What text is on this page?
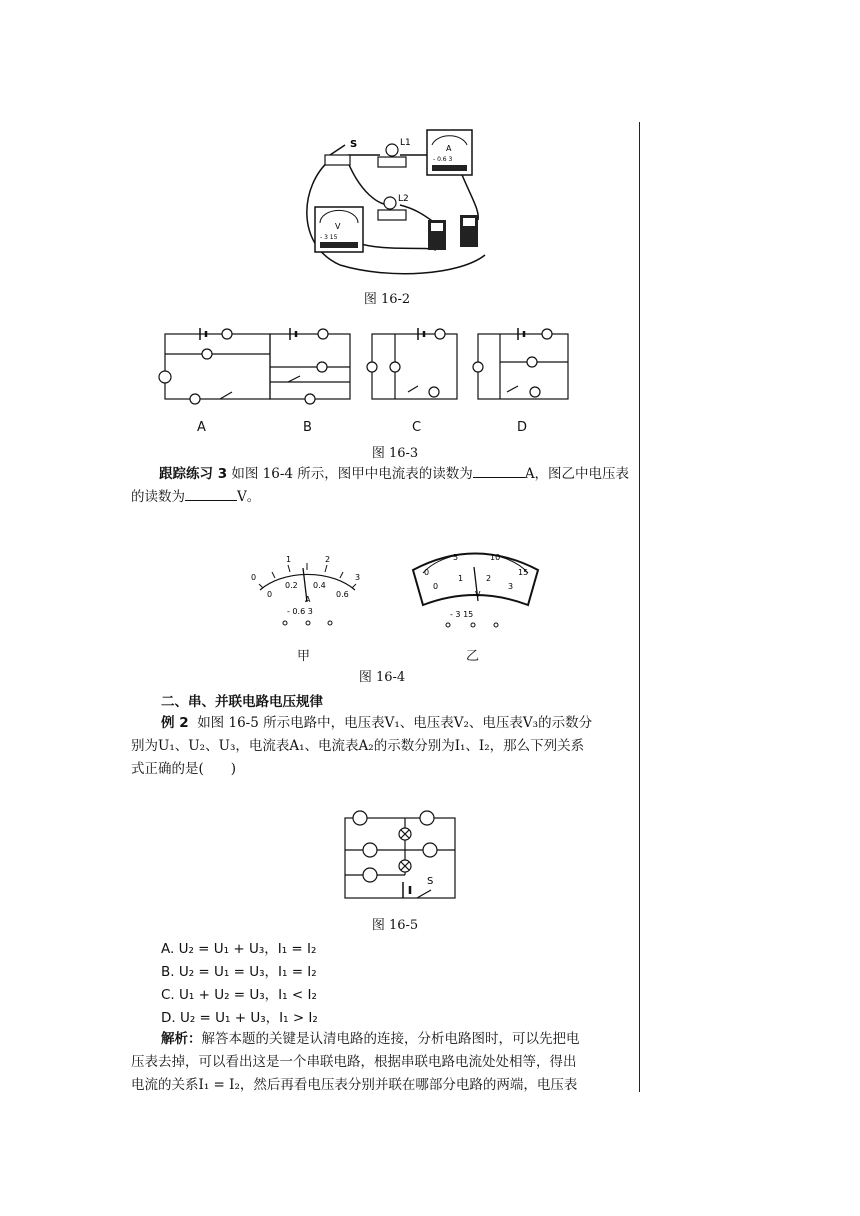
S	L1
L2
A
- 0.6 3
V
- 3 15
图 16-2
A	B	C	D
图 16-3
跟踪练习 3 如图 16-4 所示，图甲中电流表的读数为	A，图乙中电压表的读数为	V。
0
1	2
3
0
0.2 0.4
0.6
A
- 0.6 3
0
5	10
15
0
1	2
3
V
- 3 15
甲	乙
图 16-4
二、串、并联电路电压规律
例 2 如图 16-5 所示电路中，电压表V₁、电压表V₂、电压表V₃的示数分
别为U₁、U₂、U₃，电流表A₁、电流表A₂的示数分别为I₁、I₂，那么下列关系
式正确的是(　　)
S
图 16-5
A. U₂ = U₁ + U₃，I₁ = I₂
B. U₂ = U₁ = U₃，I₁ = I₂
C. U₁ + U₂ = U₃，I₁ < I₂
D. U₂ = U₁ + U₃，I₁ > I₂
解析：解答本题的关键是认清电路的连接，分析电路图时，可以先把电
压表去掉，可以看出这是一个串联电路，根据串联电路电流处处相等，得出
电流的关系I₁ = I₂，然后再看电压表分别并联在哪部分电路的两端，电压表
